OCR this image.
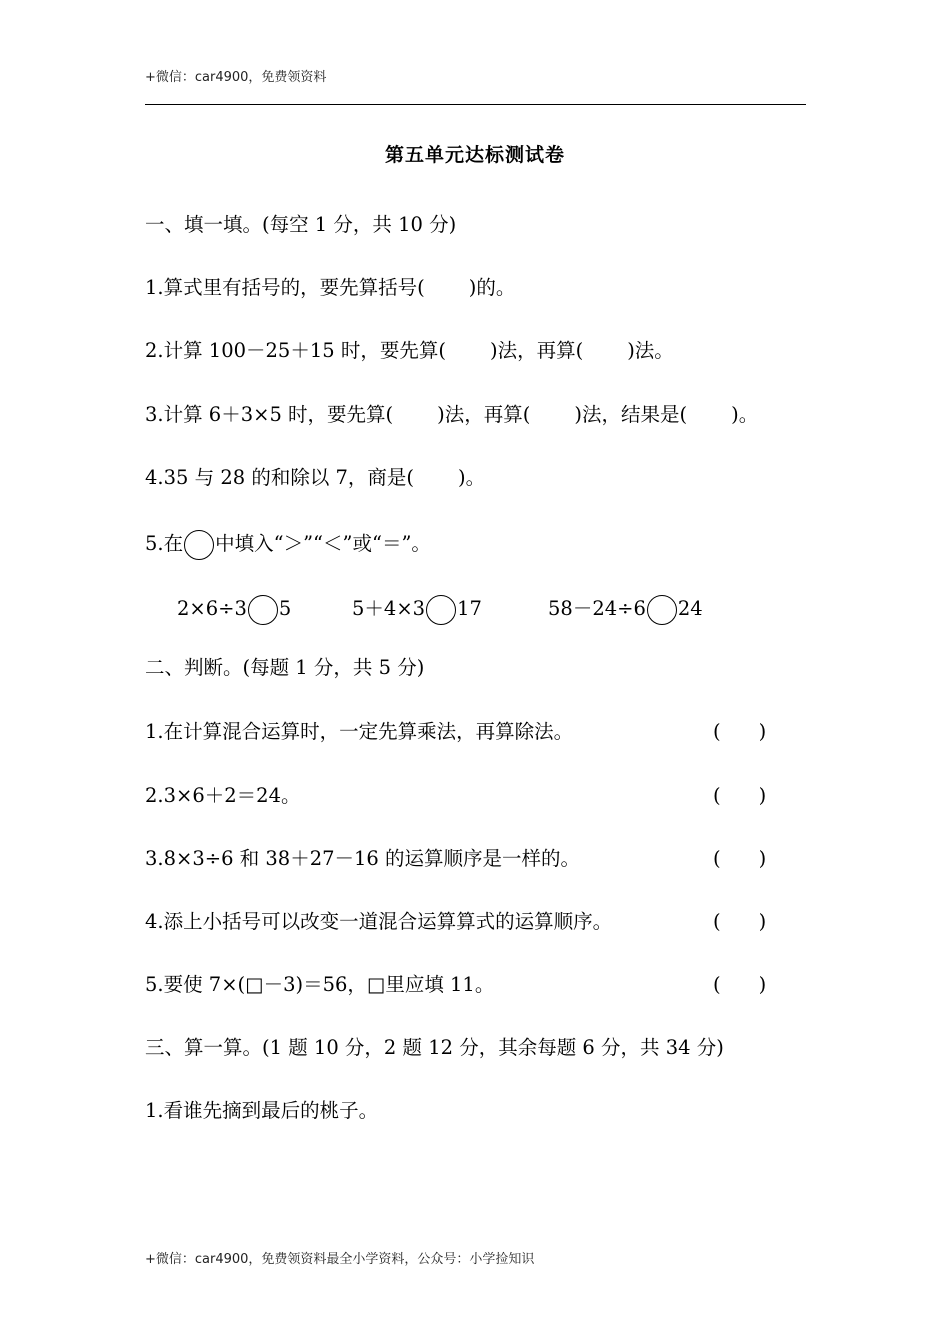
+微信：car4900，免费领资料
第五单元达标测试卷
一、填一填。(每空 1 分，共 10 分)
1.算式里有括号的，要先算括号( )的。
2.计算 100－25＋15 时，要先算( )法，再算( )法。
3.计算 6＋3×5 时，要先算( )法，再算( )法，结果是( )。
4.35 与 28 的和除以 7，商是( )。
5.在 中填入“＞”“＜”或“＝”。
2×6÷3 5	5＋4×3 17	58－24÷6 24
二、判断。(每题 1 分，共 5 分)
1.在计算混合运算时，一定先算乘法，再算除法。	( )
2.3×6＋2＝24。	( )
3.8×3÷6 和 38＋27－16 的运算顺序是一样的。	( )
4.添上小括号可以改变一道混合运算算式的运算顺序。	( )
5.要使 7×(□－3)＝56，□里应填 11。	( )
三、算一算。(1 题 10 分，2 题 12 分，其余每题 6 分，共 34 分)
1.看谁先摘到最后的桃子。
+微信：car4900，免费领资料最全小学资料，公众号：小学捡知识
